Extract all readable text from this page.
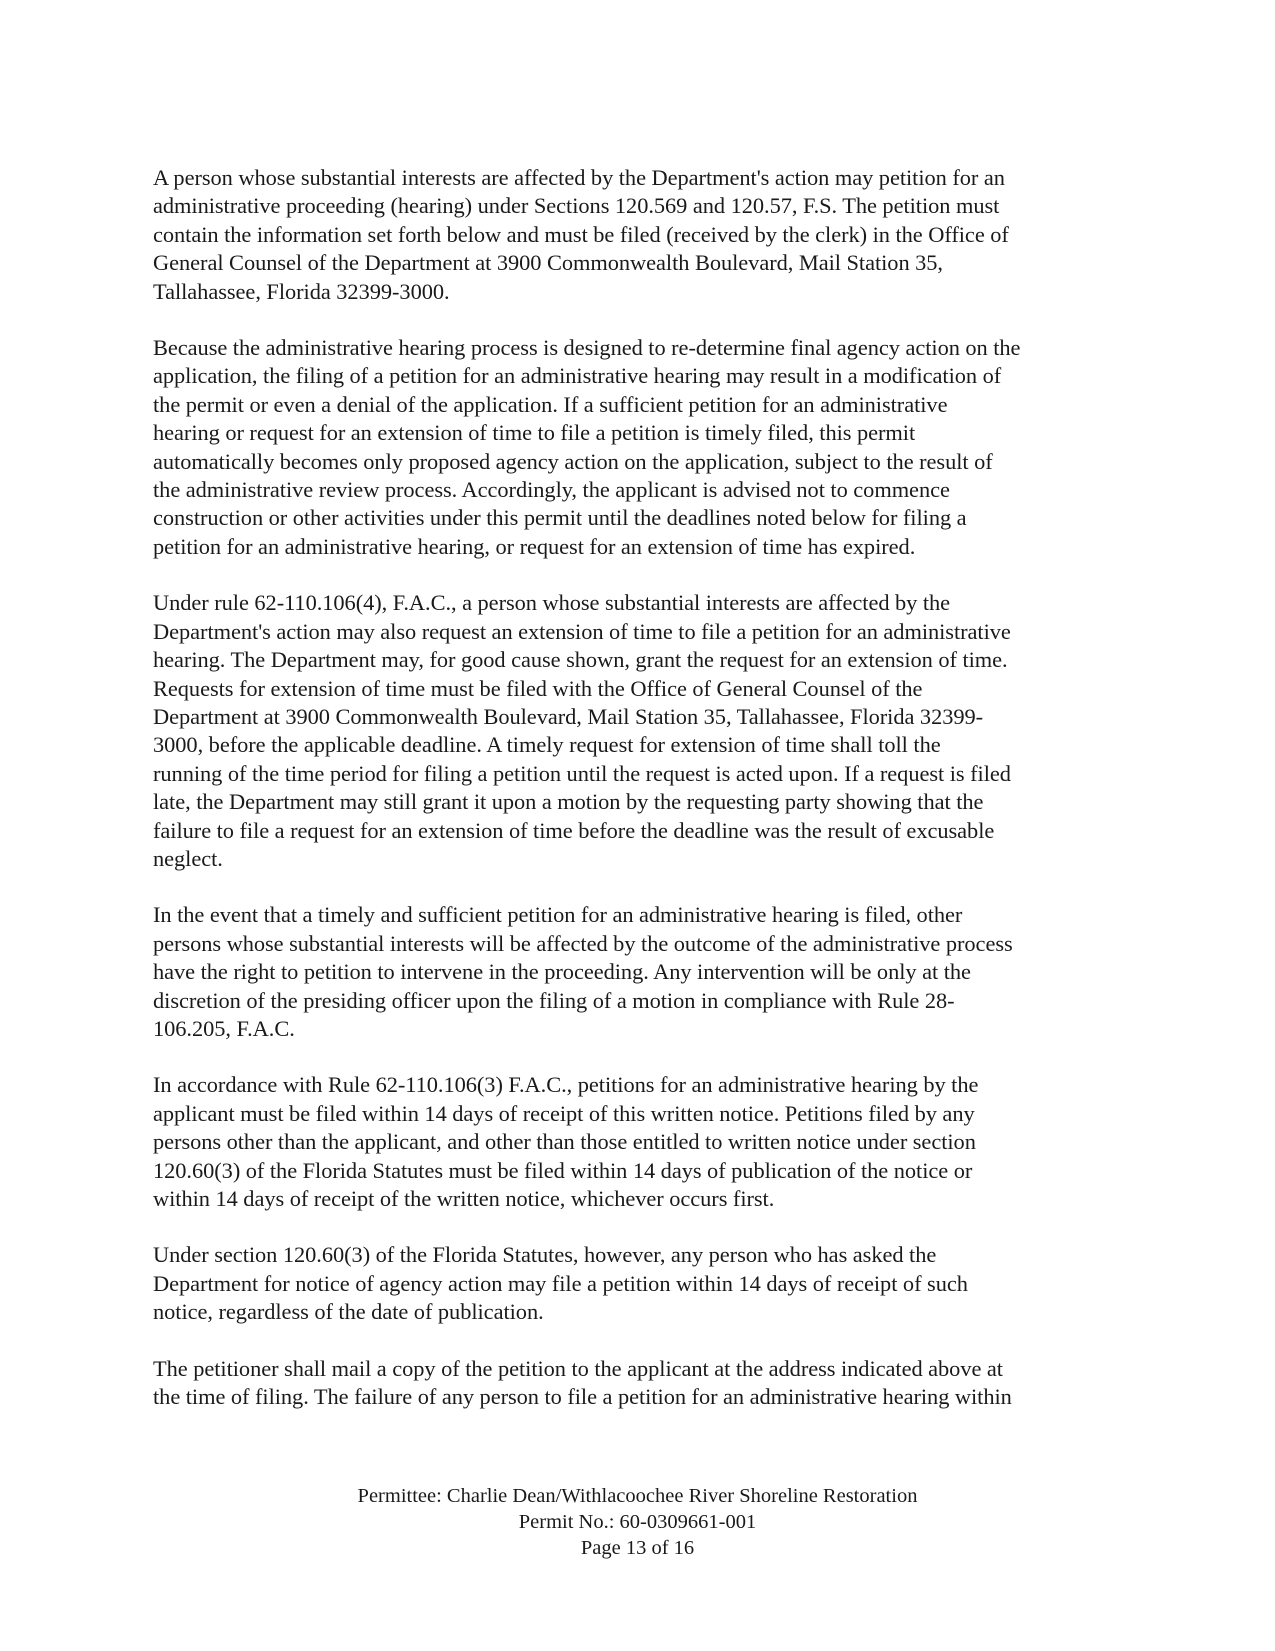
A person whose substantial interests are affected by the Department's action may petition for an
administrative proceeding (hearing) under Sections 120.569 and 120.57, F.S. The petition must
contain the information set forth below and must be filed (received by the clerk) in the Office of
General Counsel of the Department at 3900 Commonwealth Boulevard, Mail Station 35,
Tallahassee, Florida 32399-3000.

Because the administrative hearing process is designed to re-determine final agency action on the
application, the filing of a petition for an administrative hearing may result in a modification of
the permit or even a denial of the application. If a sufficient petition for an administrative
hearing or request for an extension of time to file a petition is timely filed, this permit
automatically becomes only proposed agency action on the application, subject to the result of
the administrative review process. Accordingly, the applicant is advised not to commence
construction or other activities under this permit until the deadlines noted below for filing a
petition for an administrative hearing, or request for an extension of time has expired.

Under rule 62-110.106(4), F.A.C., a person whose substantial interests are affected by the
Department's action may also request an extension of time to file a petition for an administrative
hearing. The Department may, for good cause shown, grant the request for an extension of time.
Requests for extension of time must be filed with the Office of General Counsel of the
Department at 3900 Commonwealth Boulevard, Mail Station 35, Tallahassee, Florida 32399-
3000, before the applicable deadline. A timely request for extension of time shall toll the
running of the time period for filing a petition until the request is acted upon. If a request is filed
late, the Department may still grant it upon a motion by the requesting party showing that the
failure to file a request for an extension of time before the deadline was the result of excusable
neglect.

In the event that a timely and sufficient petition for an administrative hearing is filed, other
persons whose substantial interests will be affected by the outcome of the administrative process
have the right to petition to intervene in the proceeding. Any intervention will be only at the
discretion of the presiding officer upon the filing of a motion in compliance with Rule 28-
106.205, F.A.C.

In accordance with Rule 62-110.106(3) F.A.C., petitions for an administrative hearing by the
applicant must be filed within 14 days of receipt of this written notice. Petitions filed by any
persons other than the applicant, and other than those entitled to written notice under section
120.60(3) of the Florida Statutes must be filed within 14 days of publication of the notice or
within 14 days of receipt of the written notice, whichever occurs first.

Under section 120.60(3) of the Florida Statutes, however, any person who has asked the
Department for notice of agency action may file a petition within 14 days of receipt of such
notice, regardless of the date of publication.

The petitioner shall mail a copy of the petition to the applicant at the address indicated above at
the time of filing. The failure of any person to file a petition for an administrative hearing within

Permittee: Charlie Dean/Withlacoochee River Shoreline Restoration
Permit No.: 60-0309661-001
Page 13 of 16
